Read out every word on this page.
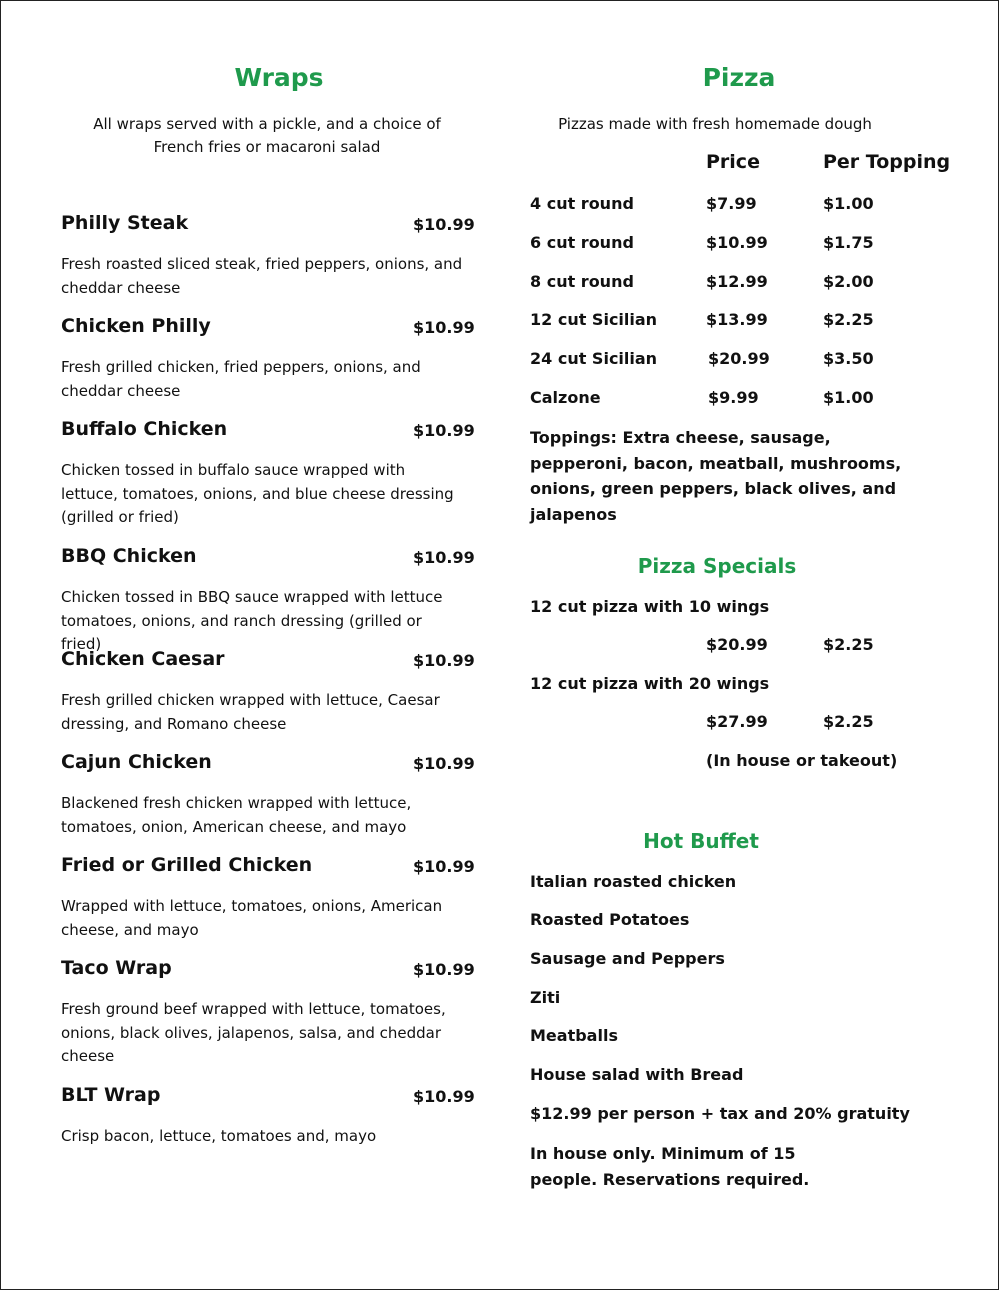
Wraps
All wraps served with a pickle, and a choice of French fries or macaroni salad
Philly Steak	$10.99
Fresh roasted sliced steak, fried peppers, onions, and cheddar cheese
Chicken Philly	$10.99
Fresh grilled chicken, fried peppers, onions, and cheddar cheese
Buffalo Chicken	$10.99
Chicken tossed in buffalo sauce wrapped with lettuce, tomatoes, onions, and blue cheese dressing (grilled or fried)
BBQ Chicken	$10.99
Chicken tossed in BBQ sauce wrapped with lettuce tomatoes, onions, and ranch dressing (grilled or fried)
Chicken Caesar	$10.99
Fresh grilled chicken wrapped with lettuce, Caesar dressing, and Romano cheese
Cajun Chicken	$10.99
Blackened fresh chicken wrapped with lettuce, tomatoes, onion, American cheese, and mayo
Fried or Grilled Chicken	$10.99
Wrapped with lettuce, tomatoes, onions, American cheese, and mayo
Taco Wrap	$10.99
Fresh ground beef wrapped with lettuce, tomatoes, onions, black olives, jalapenos, salsa, and cheddar cheese
BLT Wrap	$10.99
Crisp bacon, lettuce, tomatoes and, mayo
Pizza
Pizzas made with fresh homemade dough
Price	Per Topping
4 cut round	$7.99	$1.00
6 cut round	$10.99	$1.75
8 cut round	$12.99	$2.00
12 cut Sicilian	$13.99	$2.25
24 cut Sicilian	$20.99	$3.50
Calzone	$9.99	$1.00
Toppings: Extra cheese, sausage, pepperoni, bacon, meatball, mushrooms, onions, green peppers, black olives, and jalapenos
Pizza Specials
12 cut pizza with 10 wings
$20.99	$2.25
12 cut pizza with 20 wings
$27.99	$2.25
(In house or takeout)
Hot Buffet
Italian roasted chicken
Roasted Potatoes
Sausage and Peppers
Ziti
Meatballs
House salad with Bread
$12.99 per person + tax and 20% gratuity
In house only. Minimum of 15 people. Reservations required.
